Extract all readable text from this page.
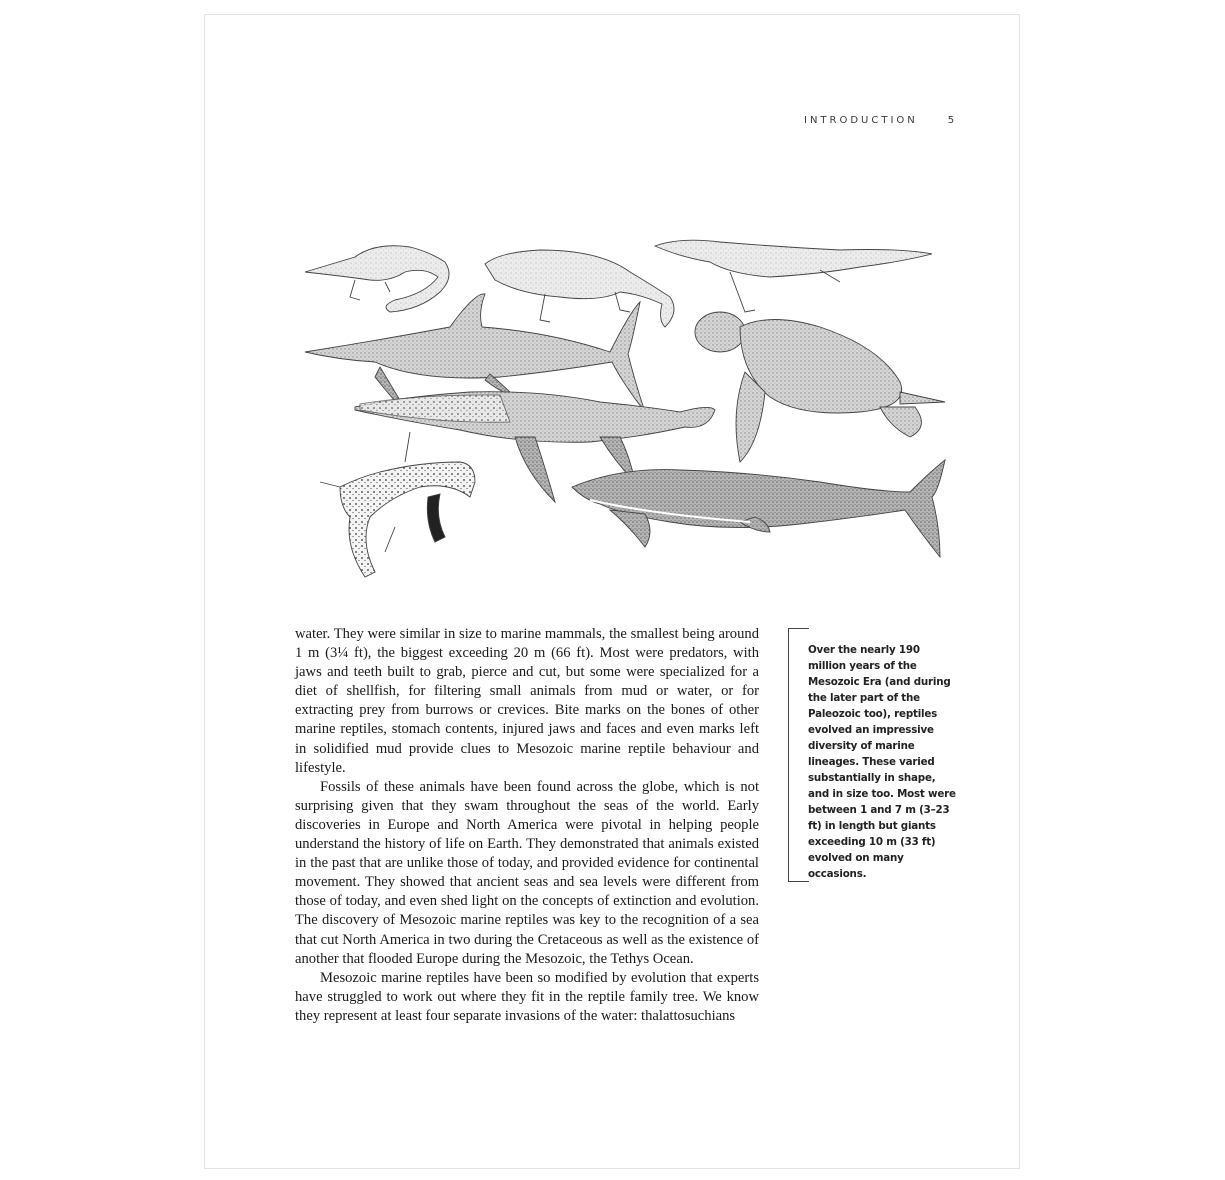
INTRODUCTION	5

water. They were similar in size to marine mammals, the smallest being around 1 m (3¼ ft), the biggest exceeding 20 m (66 ft). Most were predators, with jaws and teeth built to grab, pierce and cut, but some were specialized for a diet of shellfish, for filtering small animals from mud or water, or for extracting prey from burrows or crevices. Bite marks on the bones of other marine reptiles, stomach contents, injured jaws and faces and even marks left in solidified mud provide clues to Mesozoic marine reptile behaviour and lifestyle.

Fossils of these animals have been found across the globe, which is not surprising given that they swam throughout the seas of the world. Early discoveries in Europe and North America were pivotal in helping people understand the history of life on Earth. They demonstrated that animals existed in the past that are unlike those of today, and provided evidence for continental movement. They showed that ancient seas and sea levels were different from those of today, and even shed light on the concepts of extinction and evolution. The discovery of Mesozoic marine reptiles was key to the recognition of a sea that cut North America in two during the Cretaceous as well as the existence of another that flooded Europe during the Mesozoic, the Tethys Ocean.

Mesozoic marine reptiles have been so modified by evolution that experts have struggled to work out where they fit in the reptile family tree. We know they represent at least four separate invasions of the water: thalattosuchians

Over the nearly 190 million years of the Mesozoic Era (and during the later part of the Paleozoic too), reptiles evolved an impressive diversity of marine lineages. These varied substantially in shape, and in size too. Most were between 1 and 7 m (3–23 ft) in length but giants exceeding 10 m (33 ft) evolved on many occasions.
